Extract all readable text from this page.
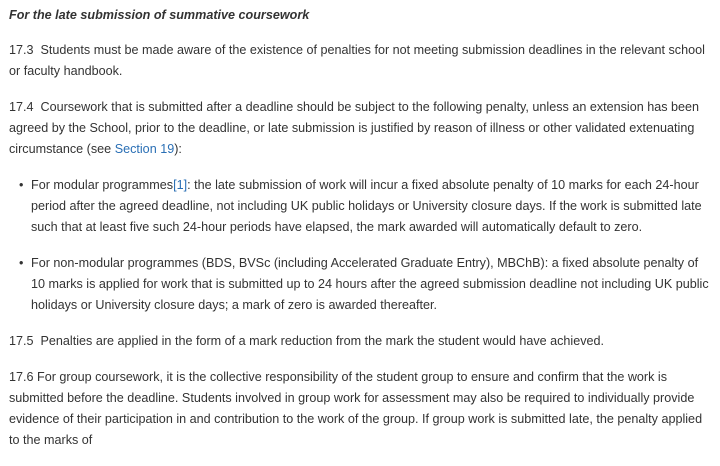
For the late submission of summative coursework

17.3 Students must be made aware of the existence of penalties for not meeting submission deadlines in the relevant school or faculty handbook.

17.4 Coursework that is submitted after a deadline should be subject to the following penalty, unless an extension has been agreed by the School, prior to the deadline, or late submission is justified by reason of illness or other validated extenuating circumstance (see Section 19):

• For modular programmes[1]: the late submission of work will incur a fixed absolute penalty of 10 marks for each 24-hour period after the agreed deadline, not including UK public holidays or University closure days. If the work is submitted late such that at least five such 24-hour periods have elapsed, the mark awarded will automatically default to zero.
• For non-modular programmes (BDS, BVSc (including Accelerated Graduate Entry), MBChB): a fixed absolute penalty of 10 marks is applied for work that is submitted up to 24 hours after the agreed submission deadline not including UK public holidays or University closure days; a mark of zero is awarded thereafter.

17.5 Penalties are applied in the form of a mark reduction from the mark the student would have achieved.

17.6 For group coursework, it is the collective responsibility of the student group to ensure and confirm that the work is submitted before the deadline. Students involved in group work for assessment may also be required to individually provide evidence of their participation in and contribution to the work of the group. If group work is submitted late, the penalty applied to the marks of
